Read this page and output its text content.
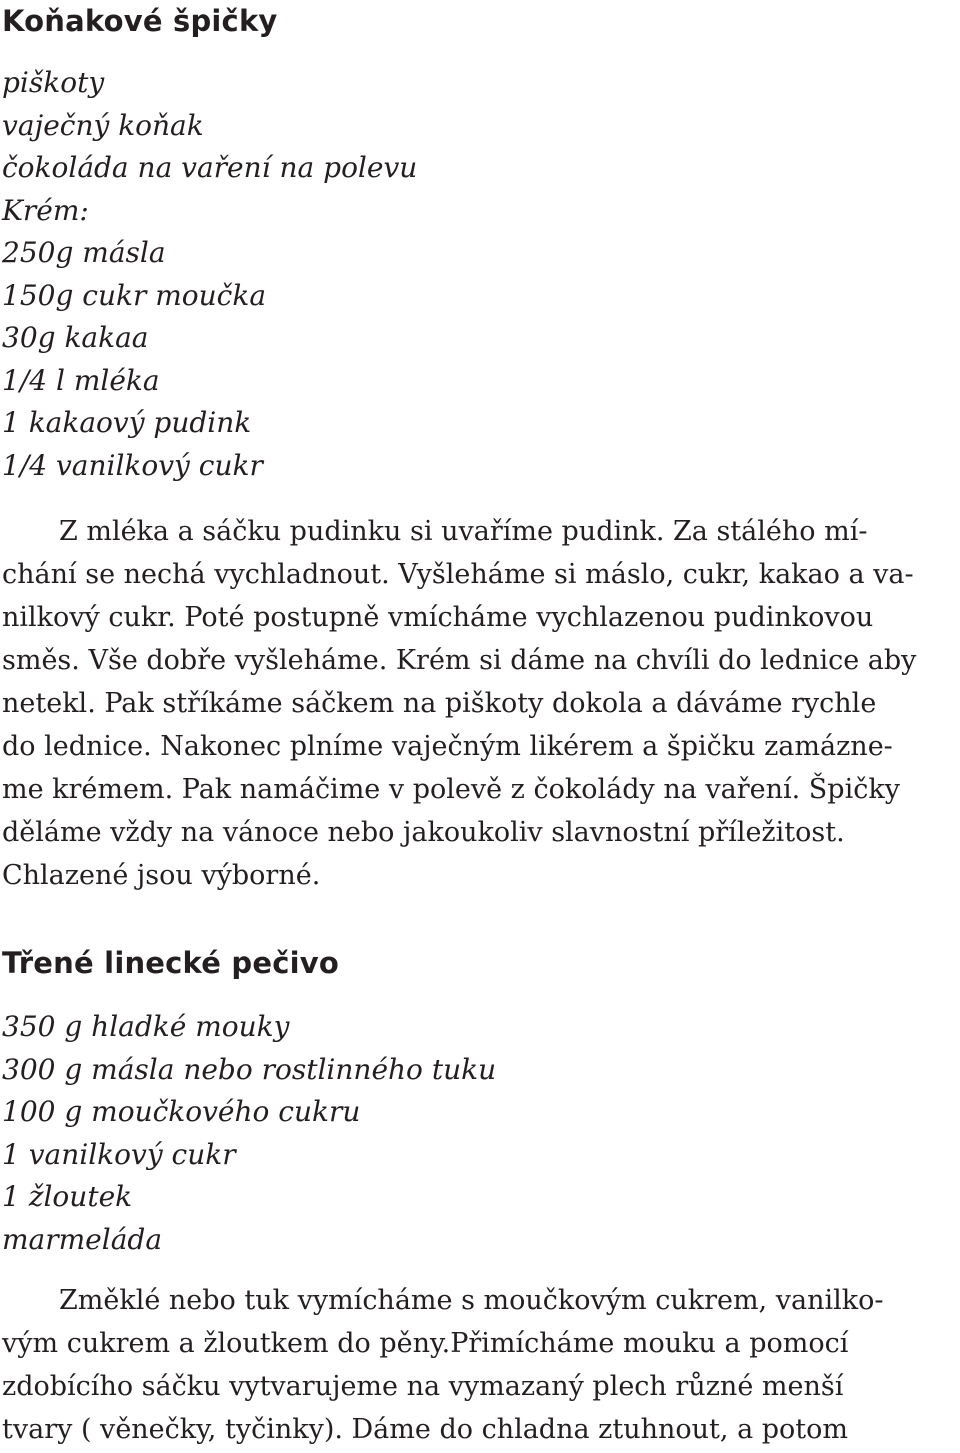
Koňakové špičky
piškoty
vaječný koňak
čokoláda na vaření na polevu
Krém:
250g másla
150g cukr moučka
30g kakaa
1/4 l mléka
1 kakaový pudink
1/4 vanilkový cukr

Z mléka a sáčku pudinku si uvaříme pudink. Za stálého mí-
chání se nechá vychladnout. Vyšleháme si máslo, cukr, kakao a va-
nilkový cukr. Poté postupně vmícháme vychlazenou pudinkovou
směs. Vše dobře vyšleháme. Krém si dáme na chvíli do lednice aby
netekl. Pak stříkáme sáčkem na piškoty dokola a dáváme rychle
do lednice. Nakonec plníme vaječným likérem a špičku zamázne-
me krémem. Pak namáčime v polevě z čokolády na vaření. Špičky
děláme vždy na vánoce nebo jakoukoliv slavnostní příležitost.
Chlazené jsou výborné.

Třené linecké pečivo
350 g hladké mouky
300 g másla nebo rostlinného tuku
100 g moučkového cukru
1 vanilkový cukr
1 žloutek
marmeláda

Změklé nebo tuk vymícháme s moučkovým cukrem, vanilko-
vým cukrem a žloutkem do pěny.Přimícháme mouku a pomocí
zdobícího sáčku vytvarujeme na vymazaný plech různé menší
tvary ( věnečky, tyčinky). Dáme do chladna ztuhnout, a potom
